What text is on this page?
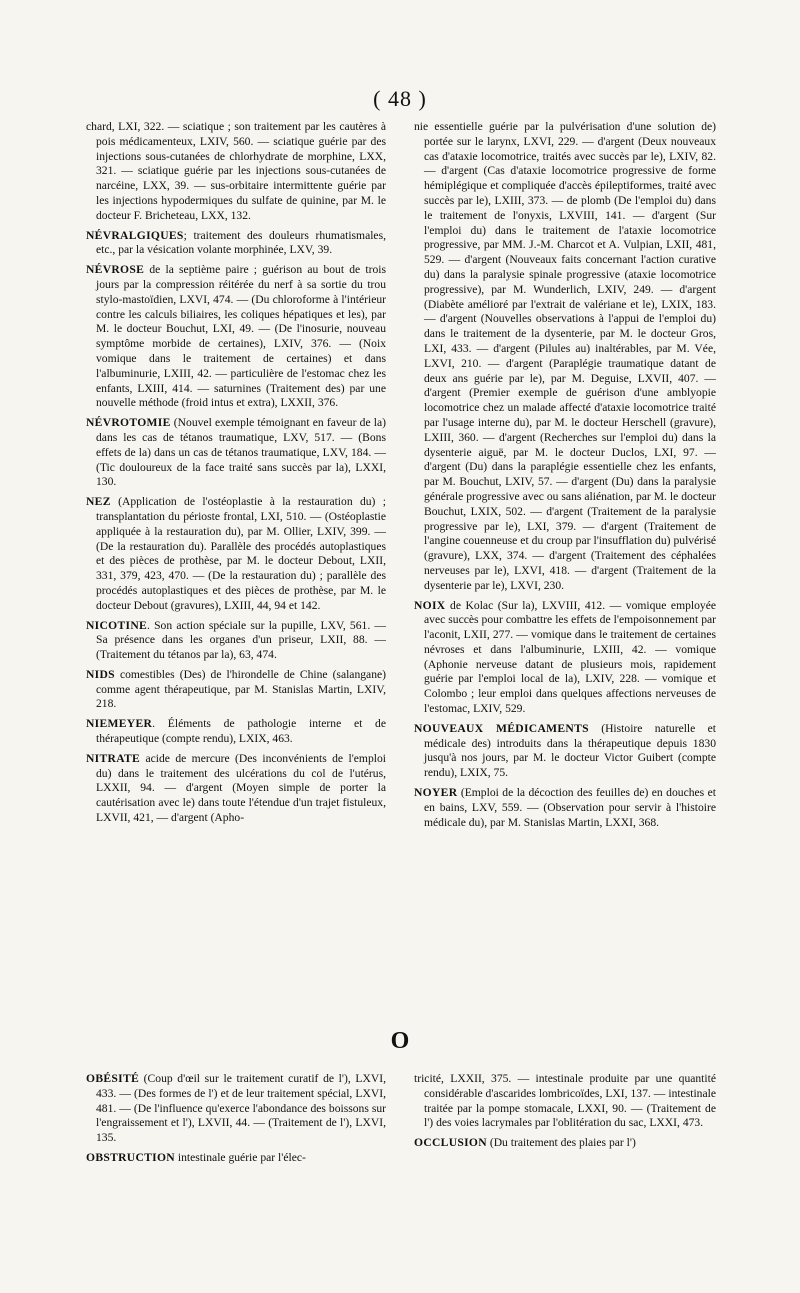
( 48 )

chard, LXI, 322. — sciatique ; son traitement par les cautères à pois médicamenteux, LXIV, 560. — sciatique guérie par des injections sous-cutanées de chlorhydrate de morphine, LXX, 321. — sciatique guérie par les injections sous-cutanées de narcéine, LXX, 39. — sus-orbitaire intermittente guérie par les injections hypodermiques du sulfate de quinine, par M. le docteur F. Bricheteau, LXX, 132.

NÉVRALGIQUES; traitement des douleurs rhumatismales, etc., par la vésication volante morphinée, LXV, 39.

NÉVROSE de la septième paire ; guérison au bout de trois jours par la compression réitérée du nerf à sa sortie du trou stylo-mastoïdien, LXVI, 474. — (Du chloroforme à l'intérieur contre les calculs biliaires, les coliques hépatiques et les), par M. le docteur Bouchut, LXI, 49. — (De l'inosurie, nouveau symptôme morbide de certaines), LXIV, 376. — (Noix vomique dans le traitement de certaines) et dans l'albuminurie, LXIII, 42. — particulière de l'estomac chez les enfants, LXIII, 414. — saturnines (Traitement des) par une nouvelle méthode (froid intus et extra), LXXII, 376.

NÉVROTOMIE (Nouvel exemple témoignant en faveur de la) dans les cas de tétanos traumatique, LXV, 517. — (Bons effets de la) dans un cas de tétanos traumatique, LXV, 184. — (Tic douloureux de la face traité sans succès par la), LXXI, 130.

NEZ (Application de l'ostéoplastie à la restauration du) ; transplantation du périoste frontal, LXI, 510. — (Ostéoplastie appliquée à la restauration du), par M. Ollier, LXIV, 399. — (De la restauration du). Parallèle des procédés autoplastiques et des pièces de prothèse, par M. le docteur Debout, LXII, 331, 379, 423, 470. — (De la restauration du) ; parallèle des procédés autoplastiques et des pièces de prothèse, par M. le docteur Debout (gravures), LXIII, 44, 94 et 142.

NICOTINE. Son action spéciale sur la pupille, LXV, 561. — Sa présence dans les organes d'un priseur, LXII, 88. — (Traitement du tétanos par la), 63, 474.

NIDS comestibles (Des) de l'hirondelle de Chine (salangane) comme agent thérapeutique, par M. Stanislas Martin, LXIV, 218.

NIEMEYER. Éléments de pathologie interne et de thérapeutique (compte rendu), LXIX, 463.

NITRATE acide de mercure (Des inconvénients de l'emploi du) dans le traitement des ulcérations du col de l'utérus, LXXII, 94. — d'argent (Moyen simple de porter la cautérisation avec le) dans toute l'étendue d'un trajet fistuleux, LXVII, 421, — d'argent (Apho-

nie essentielle guérie par la pulvérisation d'une solution de) portée sur le larynx, LXVI, 229. — d'argent (Deux nouveaux cas d'ataxie locomotrice, traités avec succès par le), LXIV, 82. — d'argent (Cas d'ataxie locomotrice progressive de forme hémiplégique et compliquée d'accès épileptiformes, traité avec succès par le), LXIII, 373. — de plomb (De l'emploi du) dans le traitement de l'onyxis, LXVIII, 141. — d'argent (Sur l'emploi du) dans le traitement de l'ataxie locomotrice progressive, par MM. J.-M. Charcot et A. Vulpian, LXII, 481, 529. — d'argent (Nouveaux faits concernant l'action curative du) dans la paralysie spinale progressive (ataxie locomotrice progressive), par M. Wunderlich, LXIV, 249. — d'argent (Diabète amélioré par l'extrait de valériane et le), LXIX, 183. — d'argent (Nouvelles observations à l'appui de l'emploi du) dans le traitement de la dysenterie, par M. le docteur Gros, LXI, 433. — d'argent (Pilules au) inaltérables, par M. Vée, LXVI, 210. — d'argent (Paraplégie traumatique datant de deux ans guérie par le), par M. Deguise, LXVII, 407. — d'argent (Premier exemple de guérison d'une amblyopie locomotrice chez un malade affecté d'ataxie locomotrice traité par l'usage interne du), par M. le docteur Herschell (gravure), LXIII, 360. — d'argent (Recherches sur l'emploi du) dans la dysenterie aiguë, par M. le docteur Duclos, LXI, 97. — d'argent (Du) dans la paraplégie essentielle chez les enfants, par M. Bouchut, LXIV, 57. — d'argent (Du) dans la paralysie générale progressive avec ou sans aliénation, par M. le docteur Bouchut, LXIX, 502. — d'argent (Traitement de la paralysie progressive par le), LXI, 379. — d'argent (Traitement de l'angine couenneuse et du croup par l'insufflation du) pulvérisé (gravure), LXX, 374. — d'argent (Traitement des céphalées nerveuses par le), LXVI, 418. — d'argent (Traitement de la dysenterie par le), LXVI, 230.

NOIX de Kolac (Sur la), LXVIII, 412. — vomique employée avec succès pour combattre les effets de l'empoisonnement par l'aconit, LXII, 277. — vomique dans le traitement de certaines névroses et dans l'albuminurie, LXIII, 42. — vomique (Aphonie nerveuse datant de plusieurs mois, rapidement guérie par l'emploi local de la), LXIV, 228. — vomique et Colombo ; leur emploi dans quelques affections nerveuses de l'estomac, LXIV, 529.

NOUVEAUX MÉDICAMENTS (Histoire naturelle et médicale des) introduits dans la thérapeutique depuis 1830 jusqu'à nos jours, par M. le docteur Victor Guibert (compte rendu), LXIX, 75.

NOYER (Emploi de la décoction des feuilles de) en douches et en bains, LXV, 559. — (Observation pour servir à l'histoire médicale du), par M. Stanislas Martin, LXXI, 368.

O

OBÉSITÉ (Coup d'œil sur le traitement curatif de l'), LXVI, 433. — (Des formes de l') et de leur traitement spécial, LXVI, 481. — (De l'influence qu'exerce l'abondance des boissons sur l'engraissement et l'), LXVII, 44. — (Traitement de l'), LXVI, 135.

OBSTRUCTION intestinale guérie par l'élec-

tricité, LXXII, 375. — intestinale produite par une quantité considérable d'ascarides lombricoïdes, LXI, 137. — intestinale traitée par la pompe stomacale, LXXI, 90. — (Traitement de l') des voies lacrymales par l'oblitération du sac, LXXI, 473.

OCCLUSION (Du traitement des plaies par l')
